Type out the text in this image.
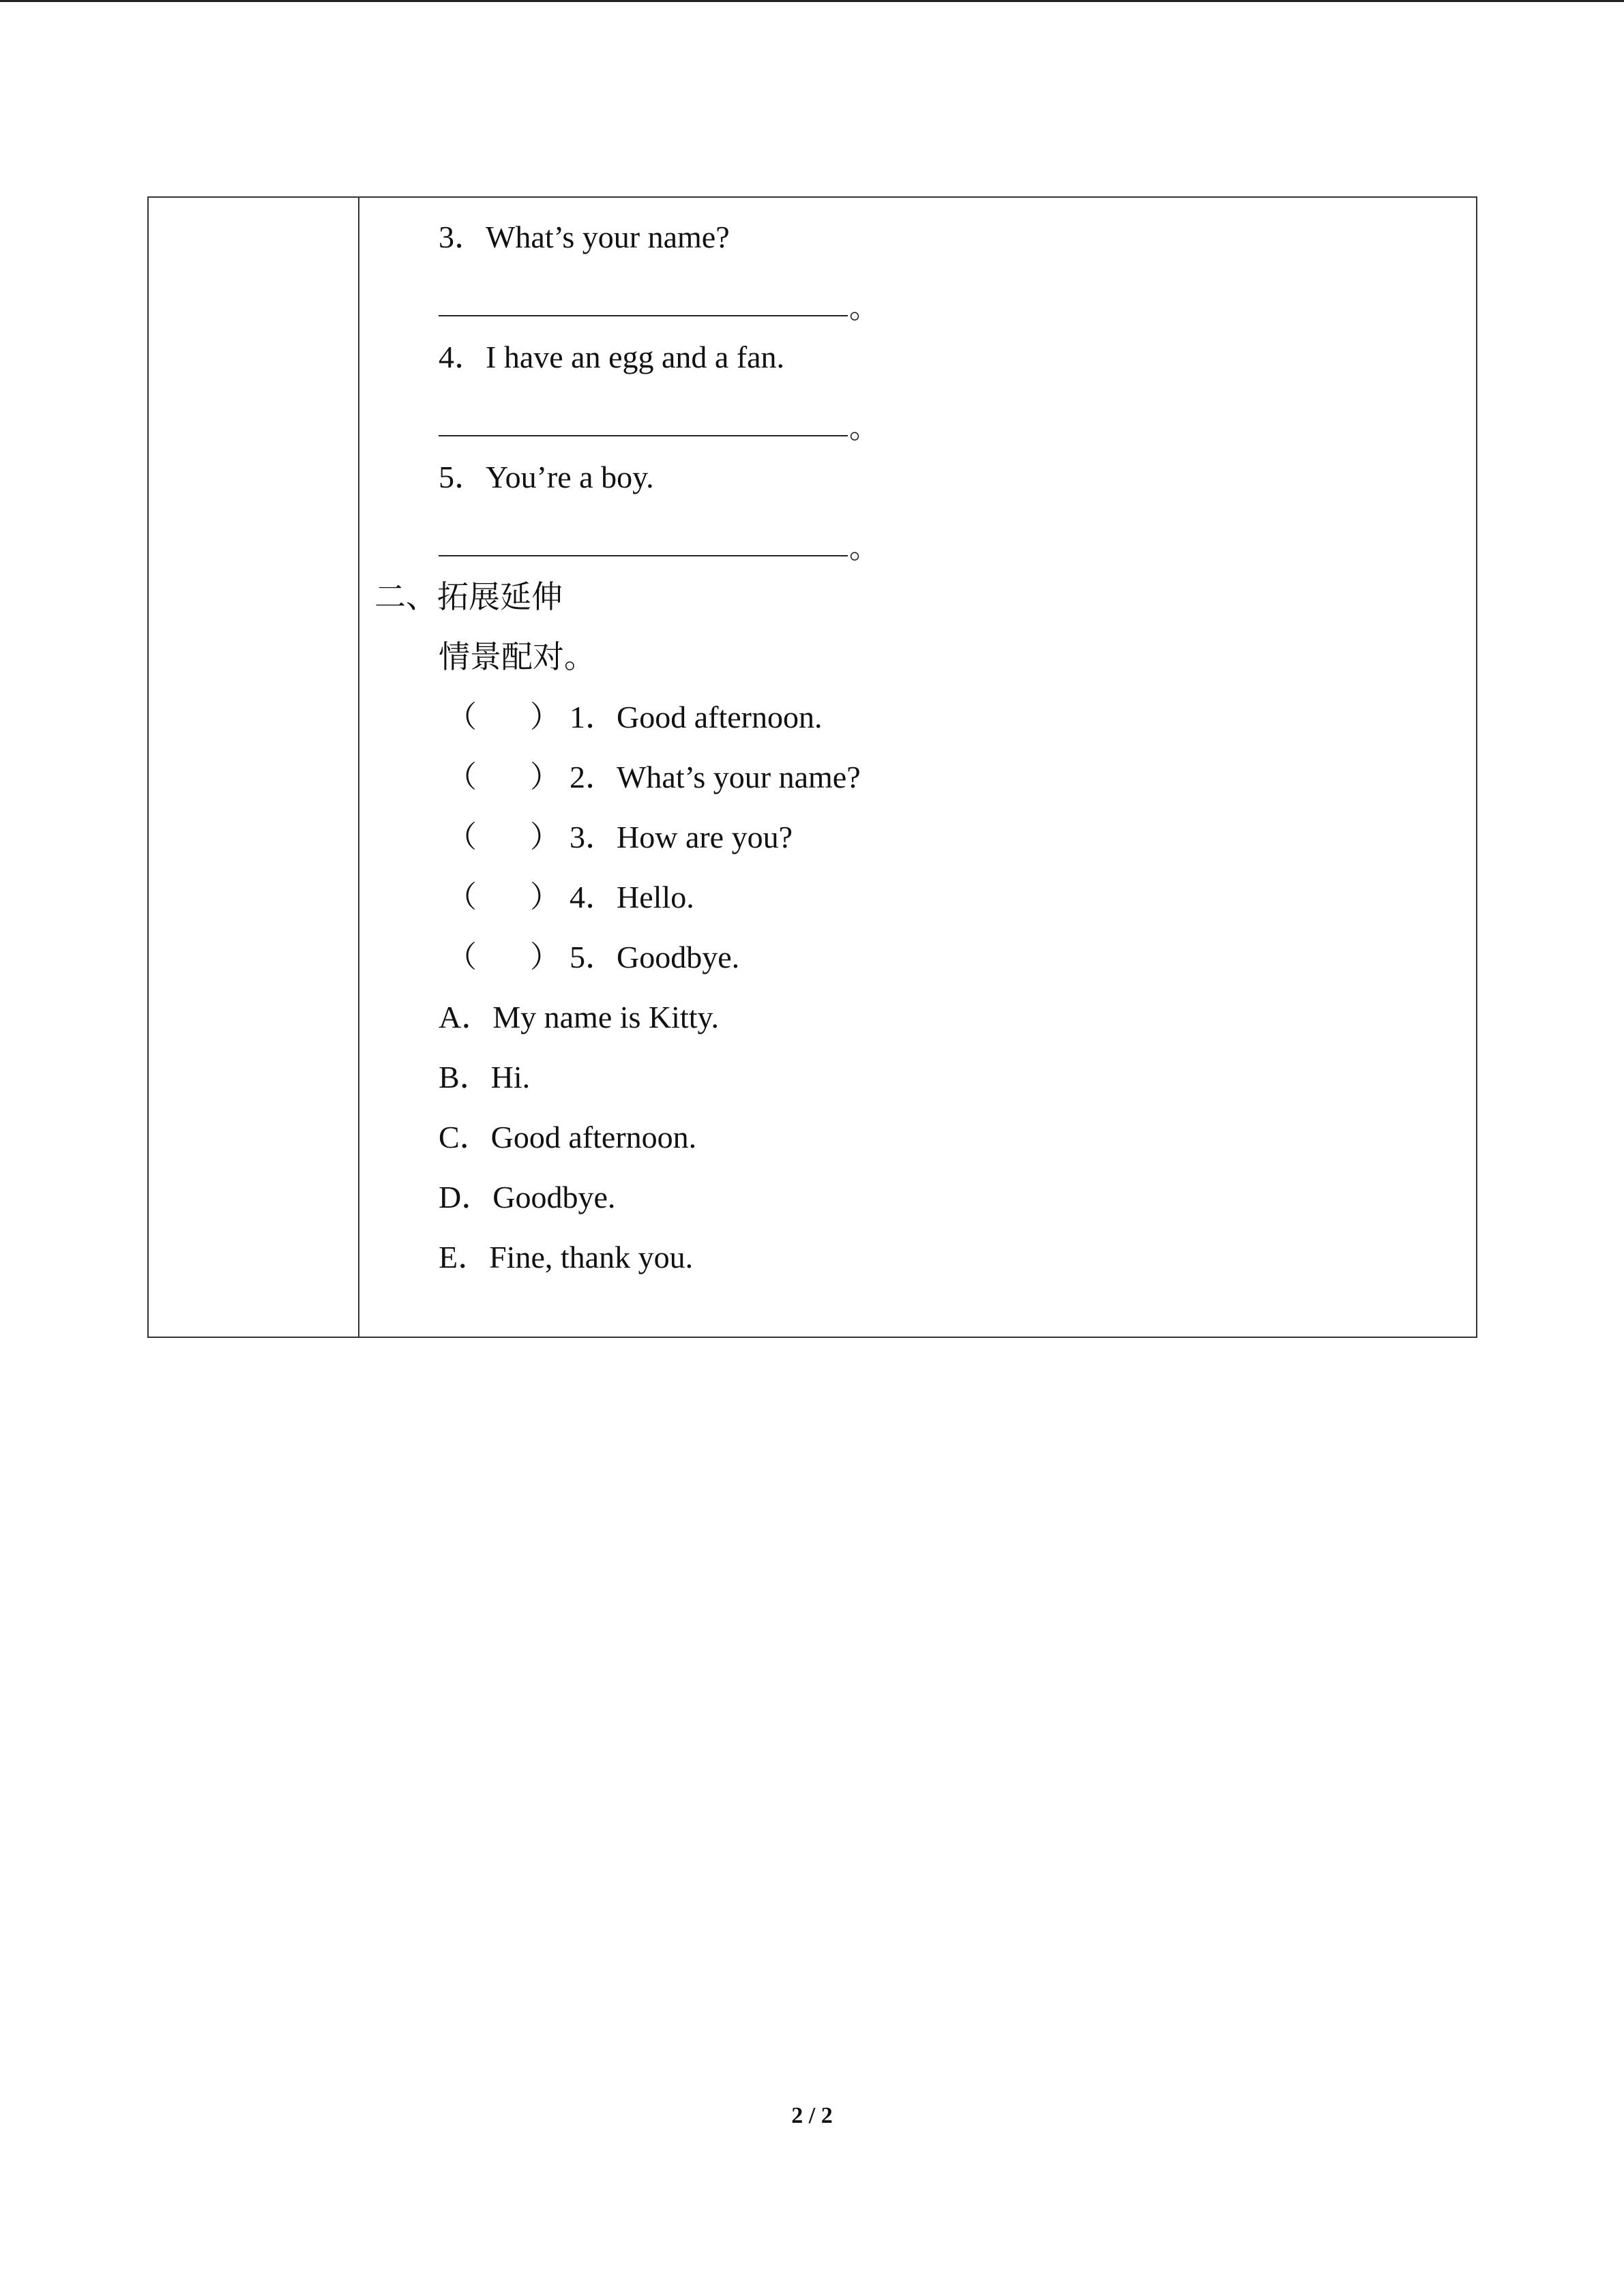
3．What’s your name?
。
4．I have an egg and a fan.
。
5．You’re a boy.
。
二、拓展延伸
情景配对。
（ ） 1．Good afternoon.
（ ） 2．What’s your name?
（ ） 3．How are you?
（ ） 4．Hello.
（ ） 5．Goodbye.
A．My name is Kitty.
B．Hi.
C．Good afternoon.
D．Goodbye.
E．Fine, thank you.
2 / 2
